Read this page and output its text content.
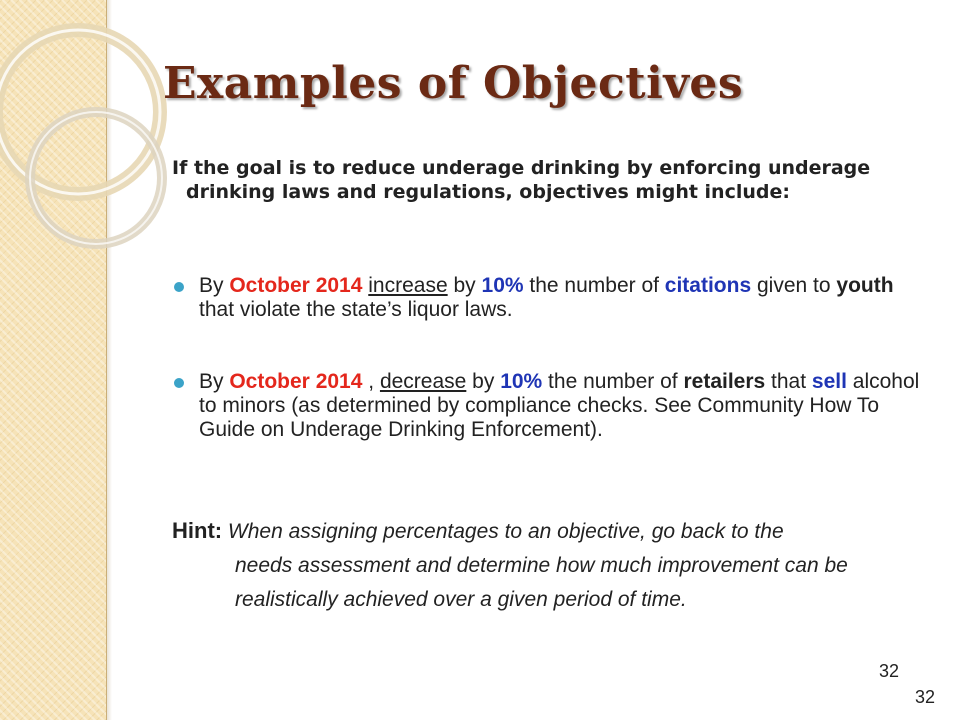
Examples of Objectives
If the goal is to reduce underage drinking by enforcing underage drinking laws and regulations, objectives might include:
By October 2014 increase by 10% the number of citations given to youth that violate the state’s liquor laws.
By October 2014 , decrease by 10% the number of retailers that sell alcohol to minors (as determined by compliance checks. See Community How To Guide on Underage Drinking Enforcement).
Hint: When assigning percentages to an objective, go back to the
needs assessment and determine how much improvement can be
realistically achieved over a given period of time.
32
32
